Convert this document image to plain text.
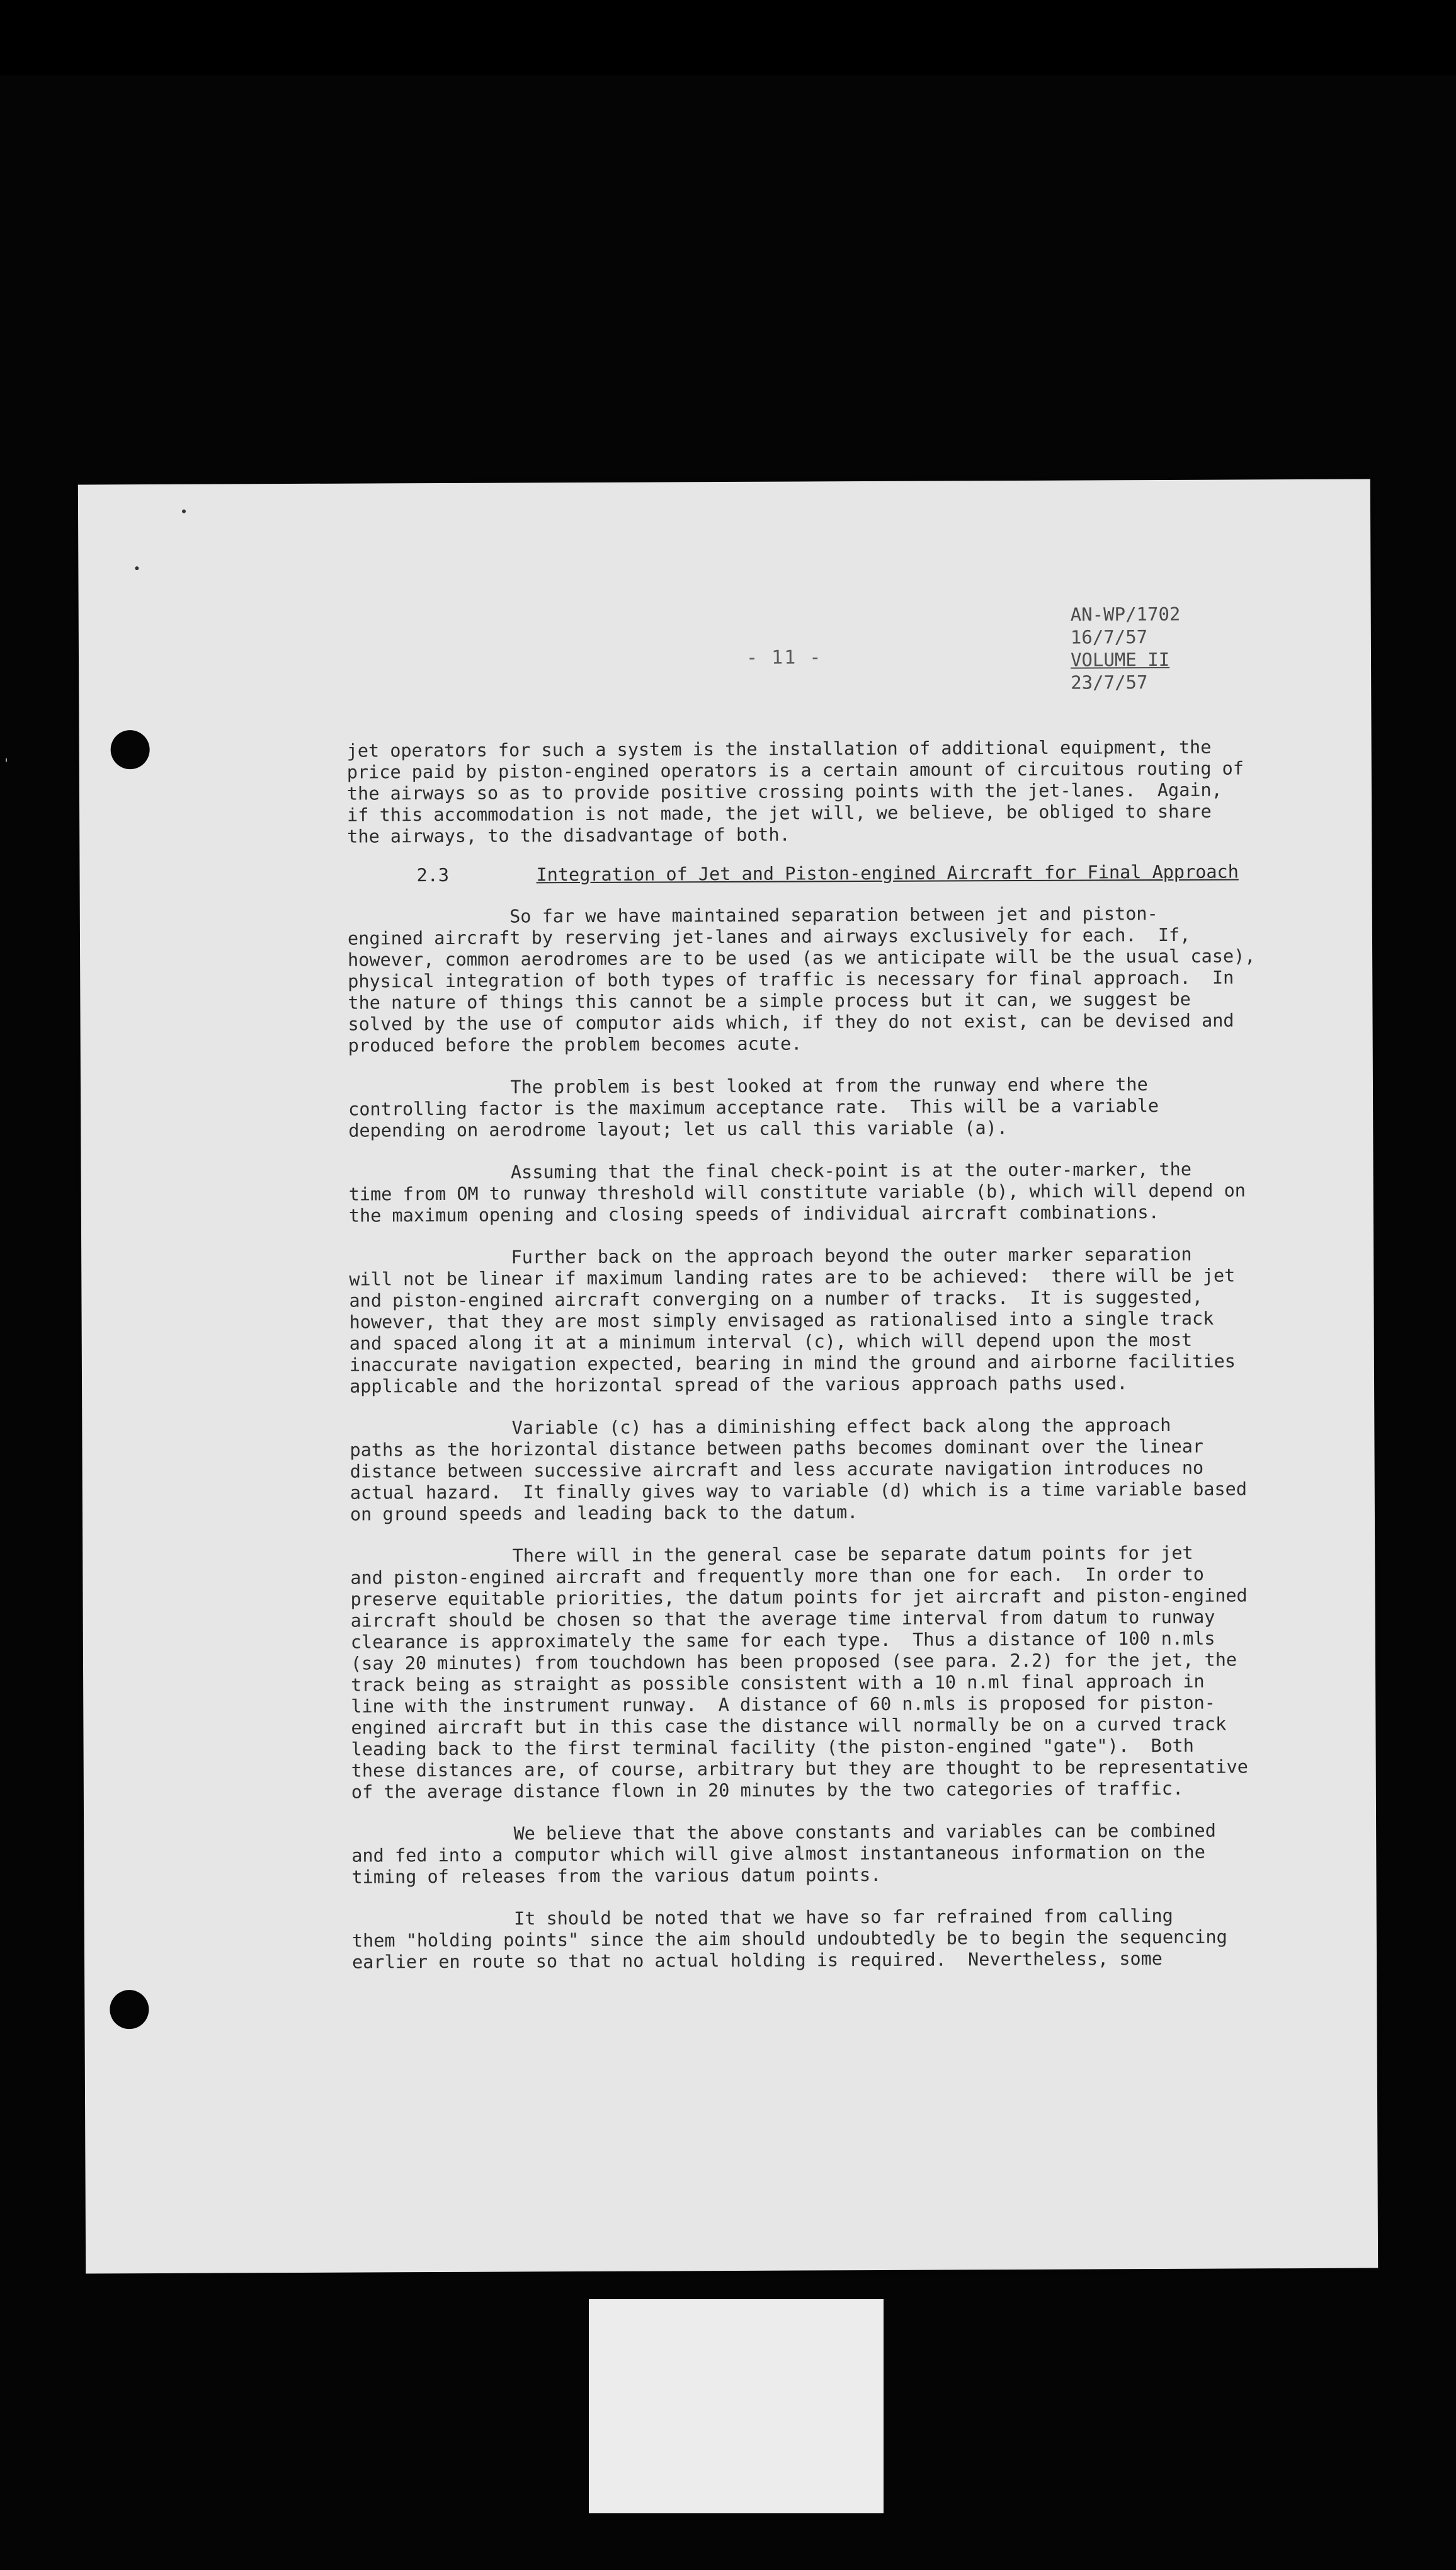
'
- 11 -
AN-WP/1702
16/7/57
VOLUME II
23/7/57
jet operators for such a system is the installation of additional equipment, the
price paid by piston-engined operators is a certain amount of circuitous routing of
the airways so as to provide positive crossing points with the jet-lanes.  Again,
if this accommodation is not made, the jet will, we believe, be obliged to share
the airways, to the disadvantage of both.
2.3	Integration of Jet and Piston-engined Aircraft for Final Approach
So far we have maintained separation between jet and piston-
engined aircraft by reserving jet-lanes and airways exclusively for each.  If,
however, common aerodromes are to be used (as we anticipate will be the usual case),
physical integration of both types of traffic is necessary for final approach.  In
the nature of things this cannot be a simple process but it can, we suggest be
solved by the use of computor aids which, if they do not exist, can be devised and
produced before the problem becomes acute.
The problem is best looked at from the runway end where the
controlling factor is the maximum acceptance rate.  This will be a variable
depending on aerodrome layout; let us call this variable (a).
Assuming that the final check-point is at the outer-marker, the
time from OM to runway threshold will constitute variable (b), which will depend on
the maximum opening and closing speeds of individual aircraft combinations.
Further back on the approach beyond the outer marker separation
will not be linear if maximum landing rates are to be achieved:  there will be jet
and piston-engined aircraft converging on a number of tracks.  It is suggested,
however, that they are most simply envisaged as rationalised into a single track
and spaced along it at a minimum interval (c), which will depend upon the most
inaccurate navigation expected, bearing in mind the ground and airborne facilities
applicable and the horizontal spread of the various approach paths used.
Variable (c) has a diminishing effect back along the approach
paths as the horizontal distance between paths becomes dominant over the linear
distance between successive aircraft and less accurate navigation introduces no
actual hazard.  It finally gives way to variable (d) which is a time variable based
on ground speeds and leading back to the datum.
There will in the general case be separate datum points for jet
and piston-engined aircraft and frequently more than one for each.  In order to
preserve equitable priorities, the datum points for jet aircraft and piston-engined
aircraft should be chosen so that the average time interval from datum to runway
clearance is approximately the same for each type.  Thus a distance of 100 n.mls
(say 20 minutes) from touchdown has been proposed (see para. 2.2) for the jet, the
track being as straight as possible consistent with a 10 n.ml final approach in
line with the instrument runway.  A distance of 60 n.mls is proposed for piston-
engined aircraft but in this case the distance will normally be on a curved track
leading back to the first terminal facility (the piston-engined "gate").  Both
these distances are, of course, arbitrary but they are thought to be representative
of the average distance flown in 20 minutes by the two categories of traffic.
We believe that the above constants and variables can be combined
and fed into a computor which will give almost instantaneous information on the
timing of releases from the various datum points.
It should be noted that we have so far refrained from calling
them "holding points" since the aim should undoubtedly be to begin the sequencing
earlier en route so that no actual holding is required.  Nevertheless, some
